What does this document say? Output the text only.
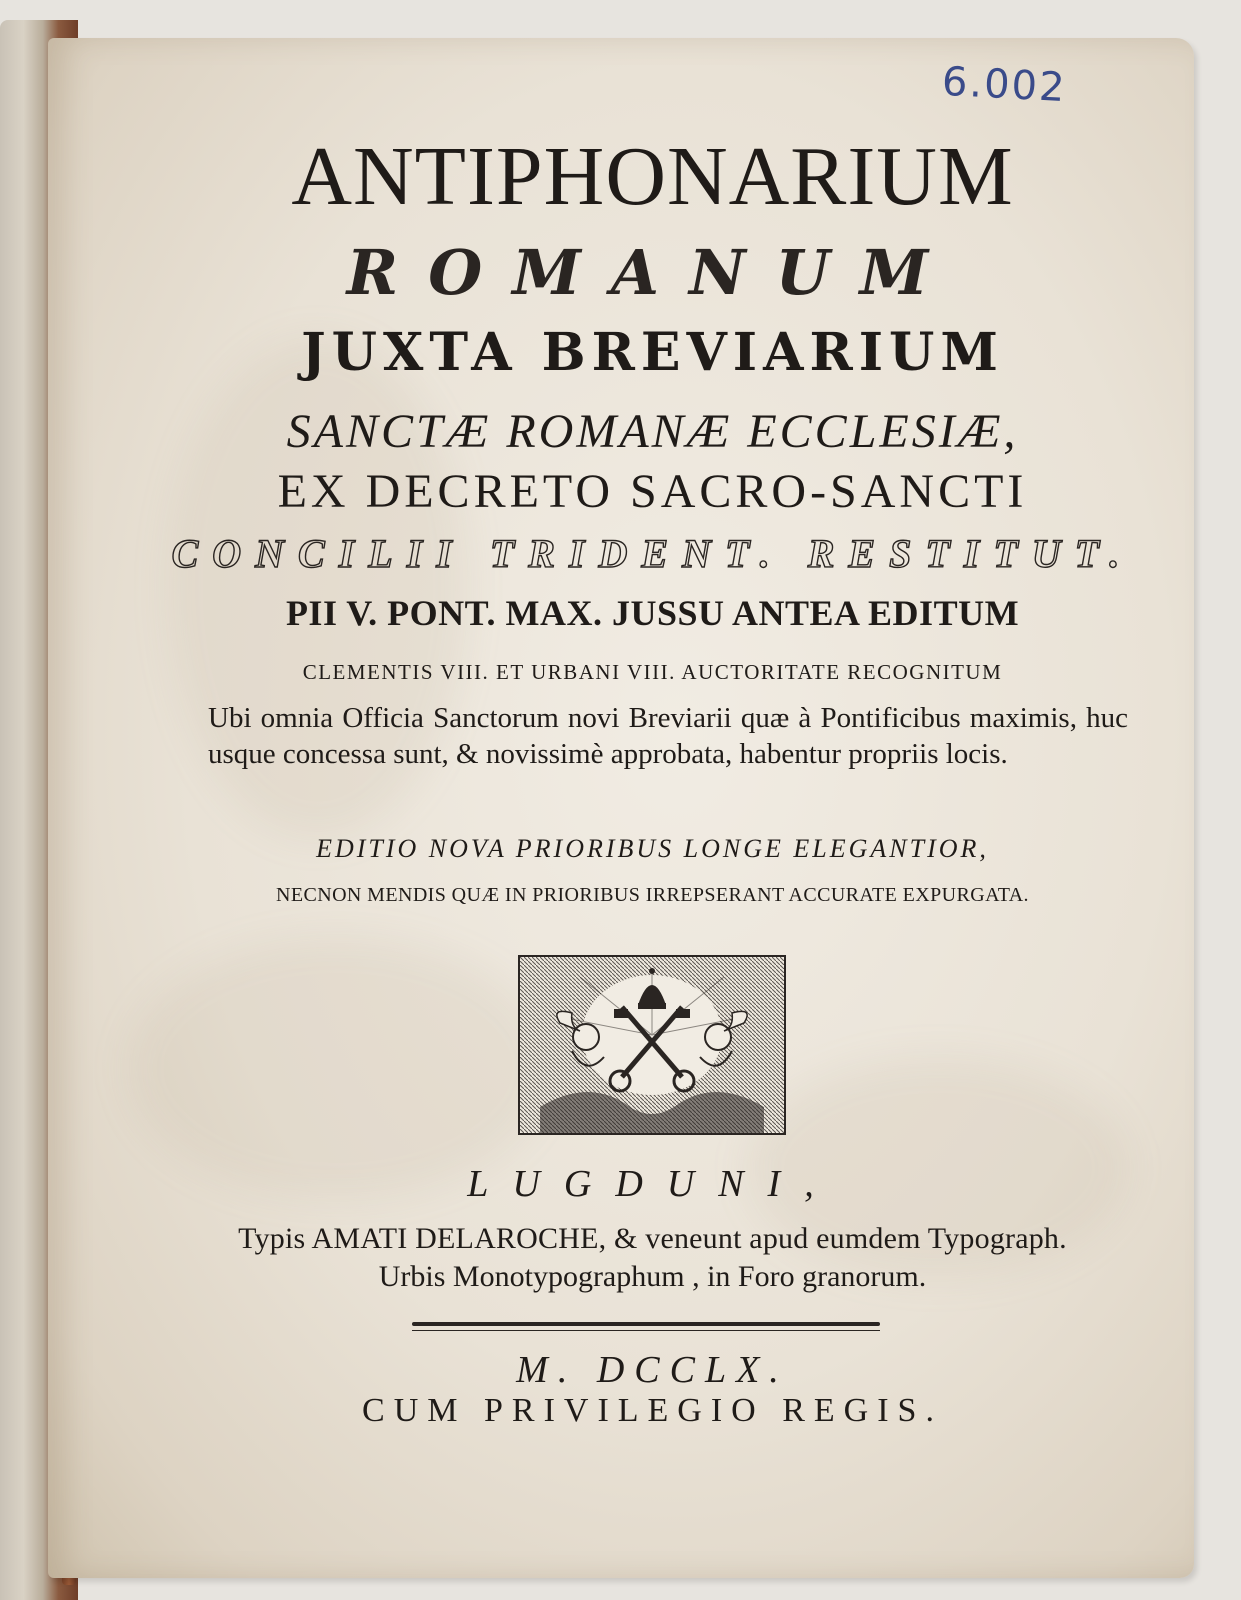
6.002
ANTIPHONARIUM
ROMANUM
JUXTA BREVIARIUM
SANCTÆ ROMANÆ ECCLESIÆ,
EX DECRETO SACRO-SANCTI
CONCILII TRIDENT. RESTITUT.
PII V. PONT. MAX. JUSSU ANTEA EDITUM
CLEMENTIS VIII. ET URBANI VIII. AUCTORITATE RECOGNITUM
Ubi omnia Officia Sanctorum novi Breviarii quæ à Pontificibus maximis, huc usque concessa sunt, & novissimè approbata, habentur propriis locis.
EDITIO NOVA PRIORIBUS LONGE ELEGANTIOR,
NECNON MENDIS QUÆ IN PRIORIBUS IRREPSERANT ACCURATE EXPURGATA.
LUGDUNI,
Typis AMATI DELAROCHE, & veneunt apud eumdem Typograph.
Urbis Monotypographum , in Foro granorum.
M. DCCLX.
CUM PRIVILEGIO REGIS.
